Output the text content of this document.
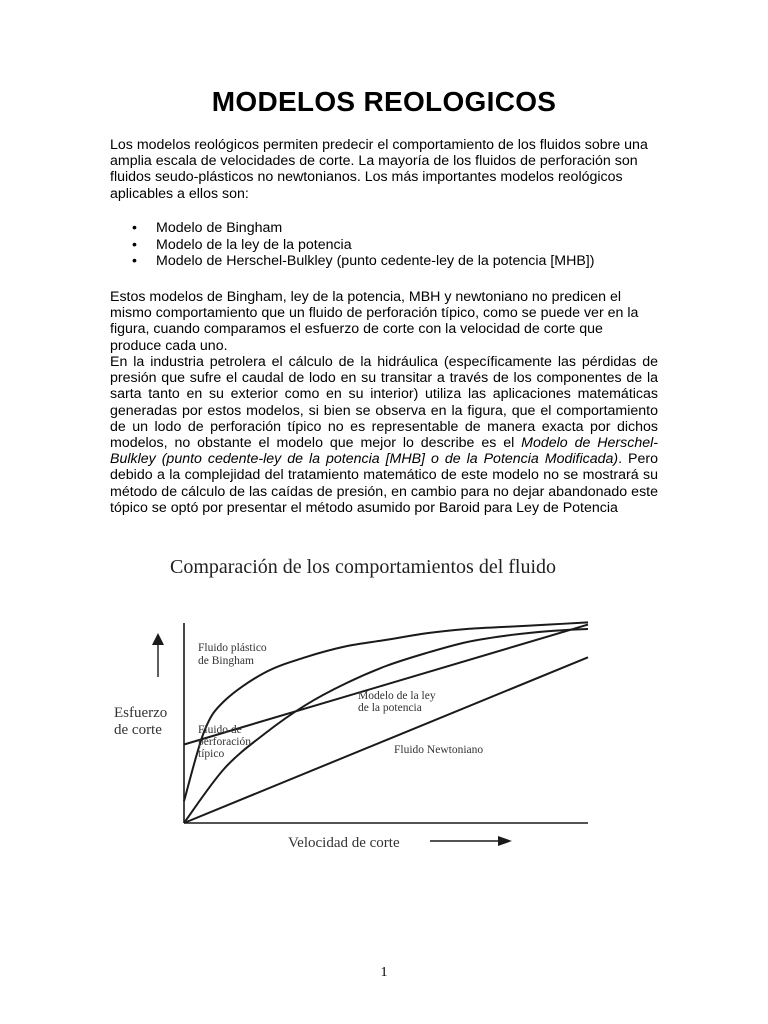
MODELOS REOLOGICOS
Los modelos reológicos permiten predecir el comportamiento de los fluidos sobre una amplia escala de velocidades de corte. La mayoría de los fluidos de perforación son fluidos seudo-plásticos no newtonianos. Los más importantes modelos reológicos aplicables a ellos son:
• Modelo de Bingham
• Modelo de la ley de la potencia
• Modelo de Herschel-Bulkley (punto cedente-ley de la potencia [MHB])
Estos modelos de Bingham, ley de la potencia, MBH y newtoniano no predicen el mismo comportamiento que un fluido de perforación típico, como se puede ver en la figura, cuando comparamos el esfuerzo de corte con la velocidad de corte que produce cada uno.
En la industria petrolera el cálculo de la hidráulica (específicamente las pérdidas de presión que sufre el caudal de lodo en su transitar a través de los componentes de la sarta tanto en su exterior como en su interior) utiliza las aplicaciones matemáticas generadas por estos modelos, si bien se observa en la figura, que el comportamiento de un lodo de perforación típico no es representable de manera exacta por dichos modelos, no obstante el modelo que mejor lo describe es el Modelo de Herschel-Bulkley (punto cedente-ley de la potencia [MHB] o de la Potencia Modificada). Pero debido a la complejidad del tratamiento matemático de este modelo no se mostrará su método de cálculo de las caídas de presión, en cambio para no dejar abandonado este tópico se optó por presentar el método asumido por Baroid para Ley de Potencia
Comparación de los comportamientos del fluido
Fluido plástico de Bingham
Modelo de la ley de la potencia
Fluido de perforación típico	Fluido Newtoniano
Esfuerzo de corte
Velocidad de corte
1
